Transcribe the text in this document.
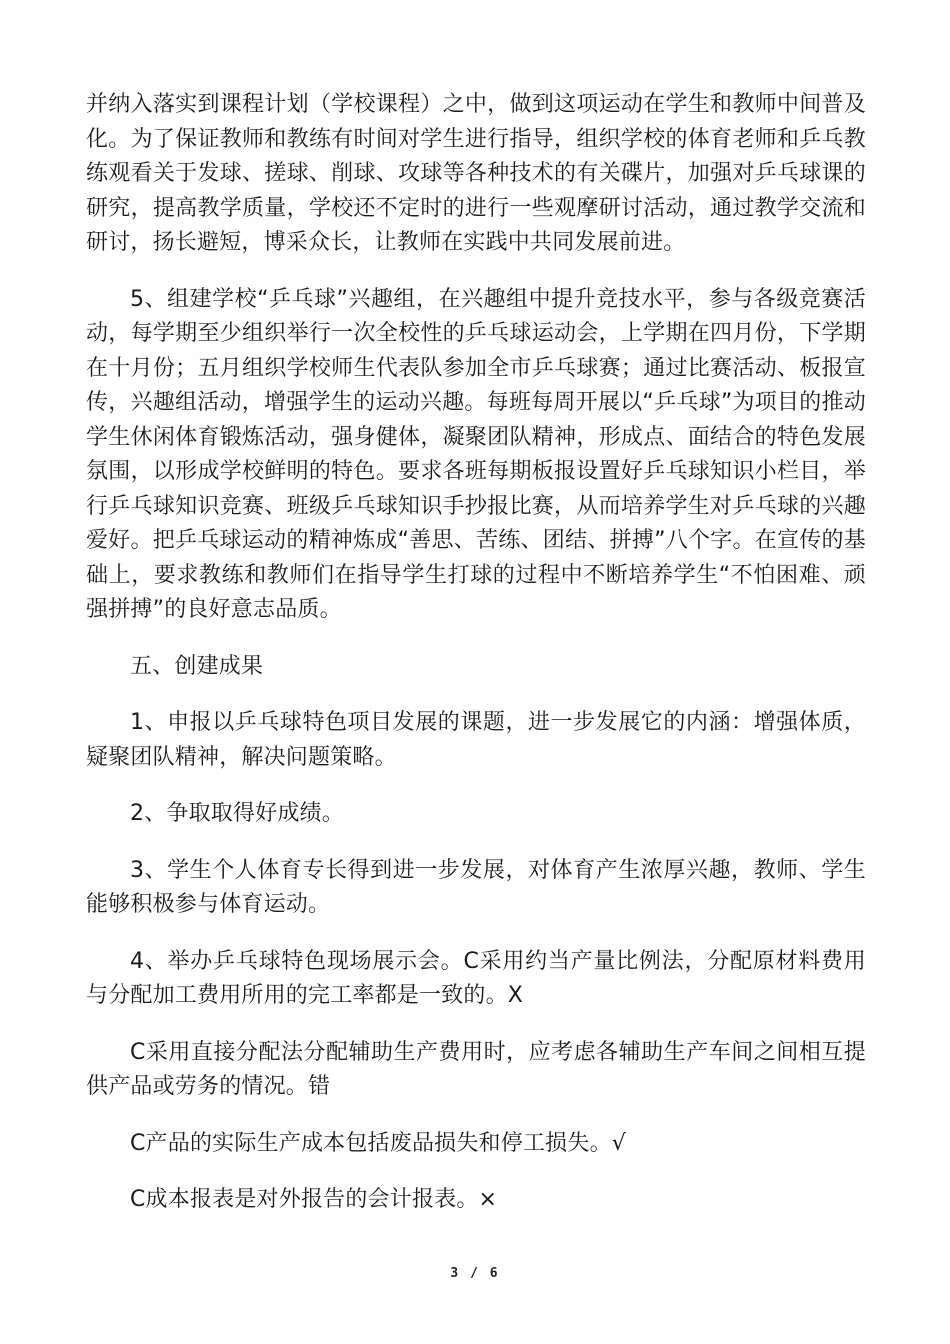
并纳入落实到课程计划（学校课程）之中，做到这项运动在学生和教师中间普及化。为了保证教师和教练有时间对学生进行指导，组织学校的体育老师和乒乓教练观看关于发球、搓球、削球、攻球等各种技术的有关碟片，加强对乒乓球课的研究，提高教学质量，学校还不定时的进行一些观摩研讨活动，通过教学交流和研讨，扬长避短，博采众长，让教师在实践中共同发展前进。

5、组建学校“乒乓球”兴趣组，在兴趣组中提升竞技水平，参与各级竞赛活动，每学期至少组织举行一次全校性的乒乓球运动会，上学期在四月份，下学期在十月份；五月组织学校师生代表队参加全市乒乓球赛；通过比赛活动、板报宣传，兴趣组活动，增强学生的运动兴趣。每班每周开展以“乒乓球”为项目的推动学生休闲体育锻炼活动，强身健体，凝聚团队精神，形成点、面结合的特色发展氛围，以形成学校鲜明的特色。要求各班每期板报设置好乒乓球知识小栏目，举行乒乓球知识竞赛、班级乒乓球知识手抄报比赛，从而培养学生对乒乓球的兴趣爱好。把乒乓球运动的精神炼成“善思、苦练、团结、拼搏”八个字。在宣传的基础上，要求教练和教师们在指导学生打球的过程中不断培养学生“不怕困难、顽强拼搏”的良好意志品质。

五、创建成果

1、申报以乒乓球特色项目发展的课题，进一步发展它的内涵：增强体质，疑聚团队精神，解决问题策略。

2、争取取得好成绩。

3、学生个人体育专长得到进一步发展，对体育产生浓厚兴趣，教师、学生能够积极参与体育运动。

4、举办乒乓球特色现场展示会。C采用约当产量比例法，分配原材料费用与分配加工费用所用的完工率都是一致的。X

C采用直接分配法分配辅助生产费用时，应考虑各辅助生产车间之间相互提供产品或劳务的情况。错

C产品的实际生产成本包括废品损失和停工损失。√

C成本报表是对外报告的会计报表。×

3 / 6
